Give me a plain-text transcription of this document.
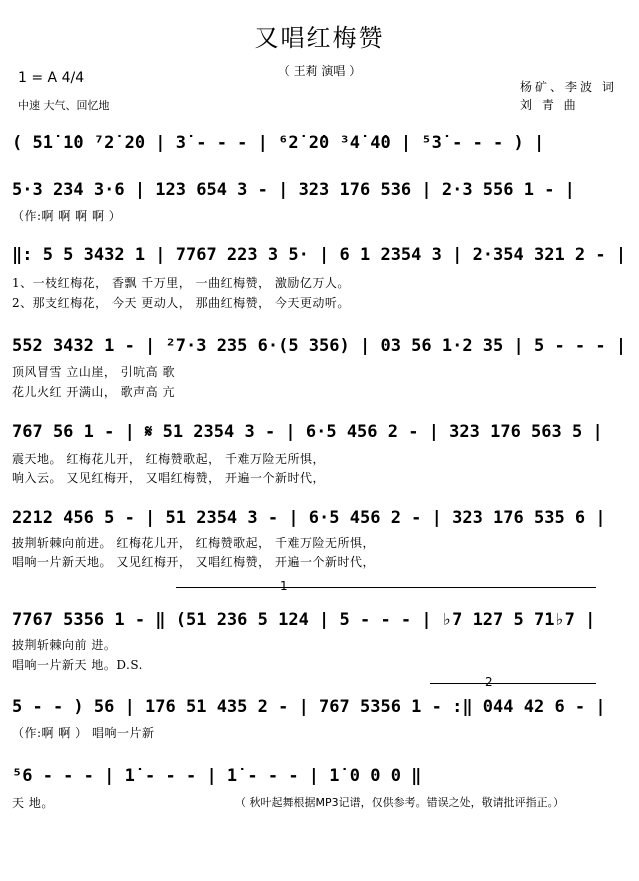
又唱红梅赞
（ 王莉 演唱 ）
1 = A 4/4
中速 大气、回忆地
杨矿、李波 词
刘 青 曲
( 5̇1̇ 1̇0 ⁷2̇ 2̇0 | 3̇ - - - | ⁶2̇ 2̇0 ³4̇ 4̇0 | ⁵3̇ - - - ) |
5·3 234 3·6 | 123 654 3 - | 323 176 536 | 2·3 556 1 - |
（作:啊 啊 啊 啊 ）
‖: 5 5 3432 1 | 7767 223 3 5· | 6 1 2354 3 | 2·354 321 2 - |
1、一枝红梅花， 香飘 千万里， 一曲红梅赞， 激励亿万人。
2、那支红梅花， 今天 更动人， 那曲红梅赞， 今天更动听。
552 3432 1 - | ²7·3 235 6·(5 356) | 03 56 1·2 35 | 5 - - - |
顶风冒雪 立山崖， 引吭高 歌
花儿火红 开满山， 歌声高 亢
767 56 1 - | 𝄋 51 2354 3 - | 6·5 456 2 - | 323 176 563 5 |
震天地。 红梅花儿开， 红梅赞歌起， 千难万险无所惧，
响入云。 又见红梅开， 又唱红梅赞， 开遍一个新时代，
2212 456 5 - | 51 2354 3 - | 6·5 456 2 - | 323 176 535 6 |
披荆斩棘向前进。 红梅花儿开， 红梅赞歌起， 千难万险无所惧，
唱响一片新天地。 又见红梅开， 又唱红梅赞， 开遍一个新时代，
1
7767 5356 1 - ‖ (51 236 5 124 | 5 - - - | ♭7 127 5 71♭7 |
披荆斩棘向前 进。
唱响一片新天 地。D.S.
2
5 - - ) 56 | 176 51 435 2 - | 767 5356 1 - :‖ 044 42 6 - |
（作:啊 啊 ） 唱响一片新
⁵6 - - - | 1̇ - - - | 1̇ - - - | 1̇ 0 0 0 ‖
天 地。	（ 秋叶起舞根据MP3记谱，仅供参考。错误之处，敬请批评指正。）
